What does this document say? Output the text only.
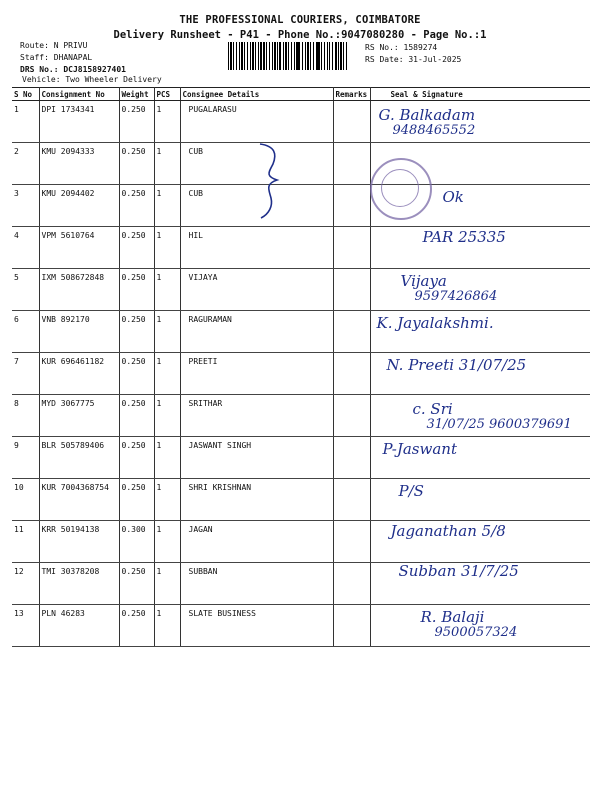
THE PROFESSIONAL COURIERS, COIMBATORE
Delivery Runsheet - P41 - Phone No.:9047080280 - Page No.:1
Route: N PRIVU
Staff: DHANAPAL
DRS No.: DCJ8158927401
Vehicle: Two Wheeler Delivery
RS No.: 1589274
RS Date: 31-Jul-2025
S No	Consignment No	Weight	PCS	Consignee Details	Remarks	Seal & Signature
1	DPI 1734341	0.250	1	PUGALARASU		G. Balkadam
9488465552

2	KMU 2094333	0.250	1	CUB		

3	KMU 2094402	0.250	1	CUB		Ok

4	VPM 5610764	0.250	1	HIL		PAR 25335

5	IXM 508672848	0.250	1	VIJAYA		Vijaya
9597426864

6	VNB 892170	0.250	1	RAGURAMAN		K. Jayalakshmi.

7	KUR 696461182	0.250	1	PREETI		N. Preeti 31/07/25

8	MYD 3067775	0.250	1	SRITHAR		c. Sri
31/07/25 9600379691

9	BLR 505789406	0.250	1	JASWANT SINGH		P-Jaswant

10	KUR 7004368754	0.250	1	SHRI KRISHNAN		P/S

11	KRR 50194138	0.300	1	JAGAN		Jaganathan 5/8

12	TMI 30378208	0.250	1	SUBBAN		Subban 31/7/25

13	PLN 46283	0.250	1	SLATE BUSINESS		R. Balaji
9500057324
